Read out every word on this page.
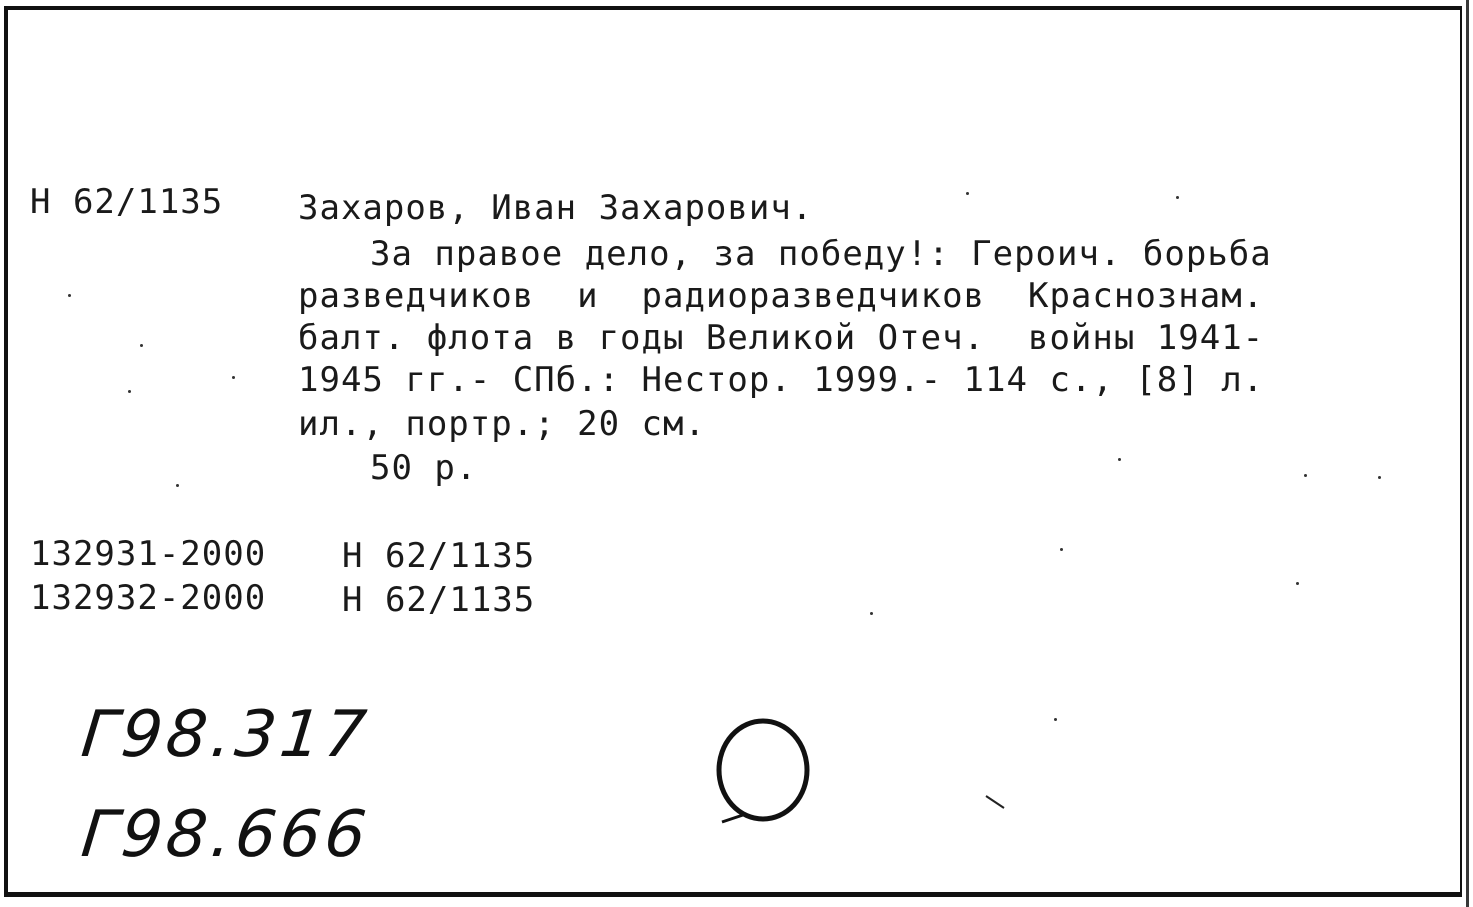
Н 62/1135 Захаров, Иван Захарович.
За правое дело, за победу!: Героич. борьба
разведчиков  и  радиоразведчиков  Краснознам.
балт. флота в годы Великой Отеч.  войны 1941-
1945 гг.- СПб.: Нестор. 1999.- 114 с., [8] л.
ил., портр.; 20 см.
50 р.
132931-2000 Н 62/1135
132932-2000 Н 62/1135
Г98.317
Г98.666
